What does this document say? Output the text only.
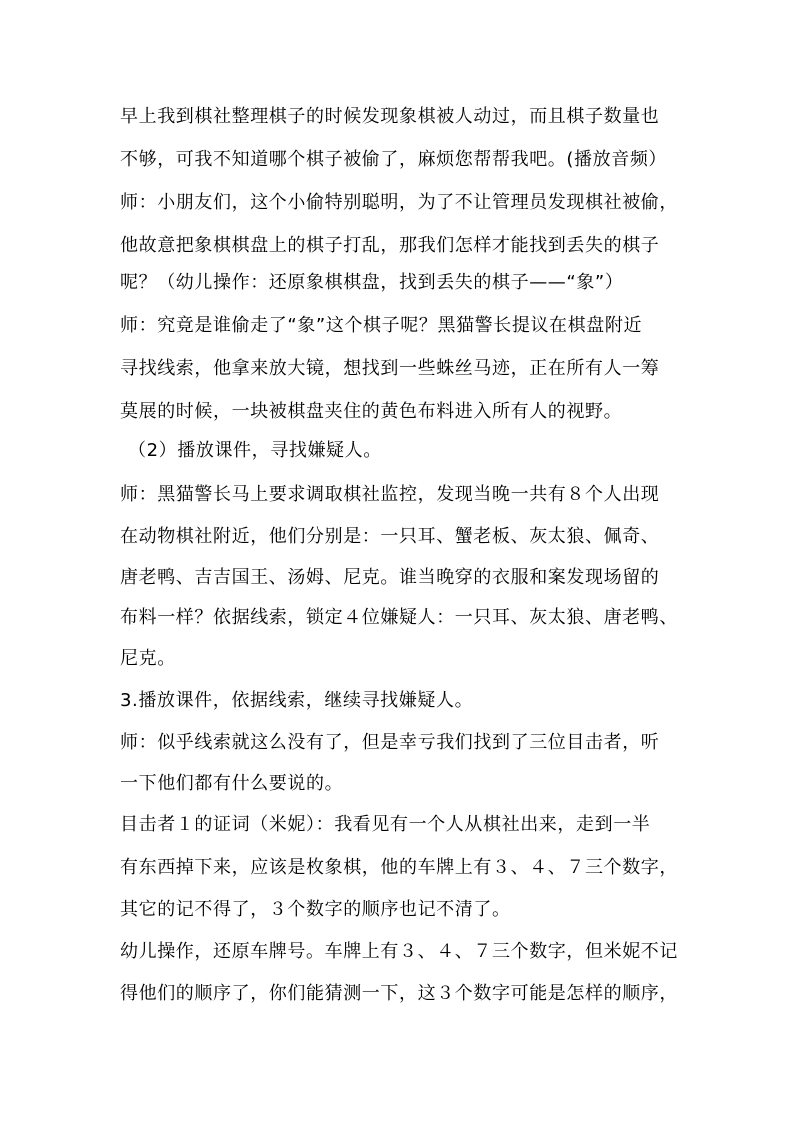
早上我到棋社整理棋子的时候发现象棋被人动过，而且棋子数量也
不够，可我不知道哪个棋子被偷了，麻烦您帮帮我吧。(播放音频）
师：小朋友们，这个小偷特别聪明，为了不让管理员发现棋社被偷，
他故意把象棋棋盘上的棋子打乱，那我们怎样才能找到丢失的棋子
呢？（幼儿操作：还原象棋棋盘，找到丢失的棋子——“象”）
师：究竟是谁偷走了“象”这个棋子呢？黑猫警长提议在棋盘附近
寻找线索，他拿来放大镜，想找到一些蛛丝马迹，正在所有人一筹
莫展的时候，一块被棋盘夹住的黄色布料进入所有人的视野。
（2）播放课件，寻找嫌疑人。
师：黑猫警长马上要求调取棋社监控，发现当晚一共有８个人出现
在动物棋社附近，他们分别是：一只耳、蟹老板、灰太狼、佩奇、
唐老鸭、吉吉国王、汤姆、尼克。谁当晚穿的衣服和案发现场留的
布料一样？依据线索，锁定４位嫌疑人：一只耳、灰太狼、唐老鸭、
尼克。
3.播放课件，依据线索，继续寻找嫌疑人。
师：似乎线索就这么没有了，但是幸亏我们找到了三位目击者，听
一下他们都有什么要说的。
目击者１的证词（米妮）：我看见有一个人从棋社出来，走到一半
有东西掉下来，应该是枚象棋，他的车牌上有３、４、７三个数字，
其它的记不得了，３个数字的顺序也记不清了。
幼儿操作，还原车牌号。车牌上有３、４、７三个数字，但米妮不记
得他们的顺序了，你们能猜测一下，这３个数字可能是怎样的顺序，
